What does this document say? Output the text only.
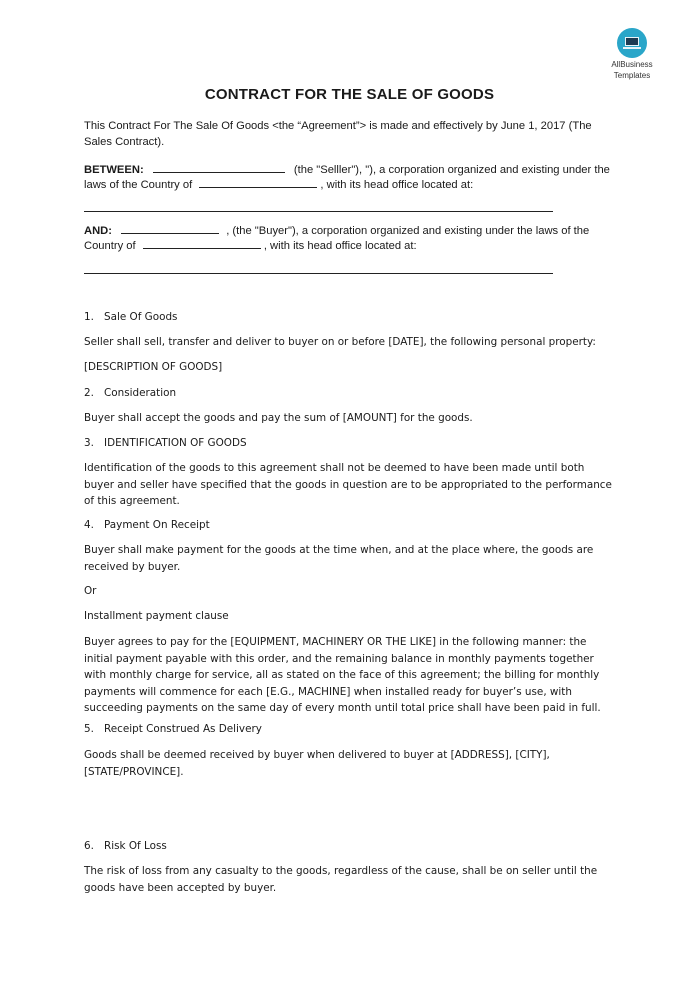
AllBusiness
Templates
CONTRACT FOR THE SALE OF GOODS
This Contract For The Sale Of Goods <the “Agreement”> is made and effectively by June 1, 2017 (The Sales Contract).
BETWEEN:	(the "Selller"), "), a corporation organized and existing under the
laws of the Country of	, with its head office located at:
AND:	, (the "Buyer"), a corporation organized and existing under the laws of the
Country of	, with its head office located at:
1. Sale Of Goods
Seller shall sell, transfer and deliver to buyer on or before [DATE], the following personal property:
[DESCRIPTION OF GOODS]
2. Consideration
Buyer shall accept the goods and pay the sum of [AMOUNT] for the goods.
3. IDENTIFICATION OF GOODS
Identification of the goods to this agreement shall not be deemed to have been made until both buyer and seller have specified that the goods in question are to be appropriated to the performance of this agreement.
4. Payment On Receipt
Buyer shall make payment for the goods at the time when, and at the place where, the goods are received by buyer.
Or
Installment payment clause
Buyer agrees to pay for the [EQUIPMENT, MACHINERY OR THE LIKE] in the following manner: the initial payment payable with this order, and the remaining balance in monthly payments together with monthly charge for service, all as stated on the face of this agreement; the billing for monthly payments will commence for each [E.G., MACHINE] when installed ready for buyer’s use, with succeeding payments on the same day of every month until total price shall have been paid in full.
5. Receipt Construed As Delivery
Goods shall be deemed received by buyer when delivered to buyer at [ADDRESS], [CITY], [STATE/PROVINCE].
6. Risk Of Loss
The risk of loss from any casualty to the goods, regardless of the cause, shall be on seller until the goods have been accepted by buyer.
